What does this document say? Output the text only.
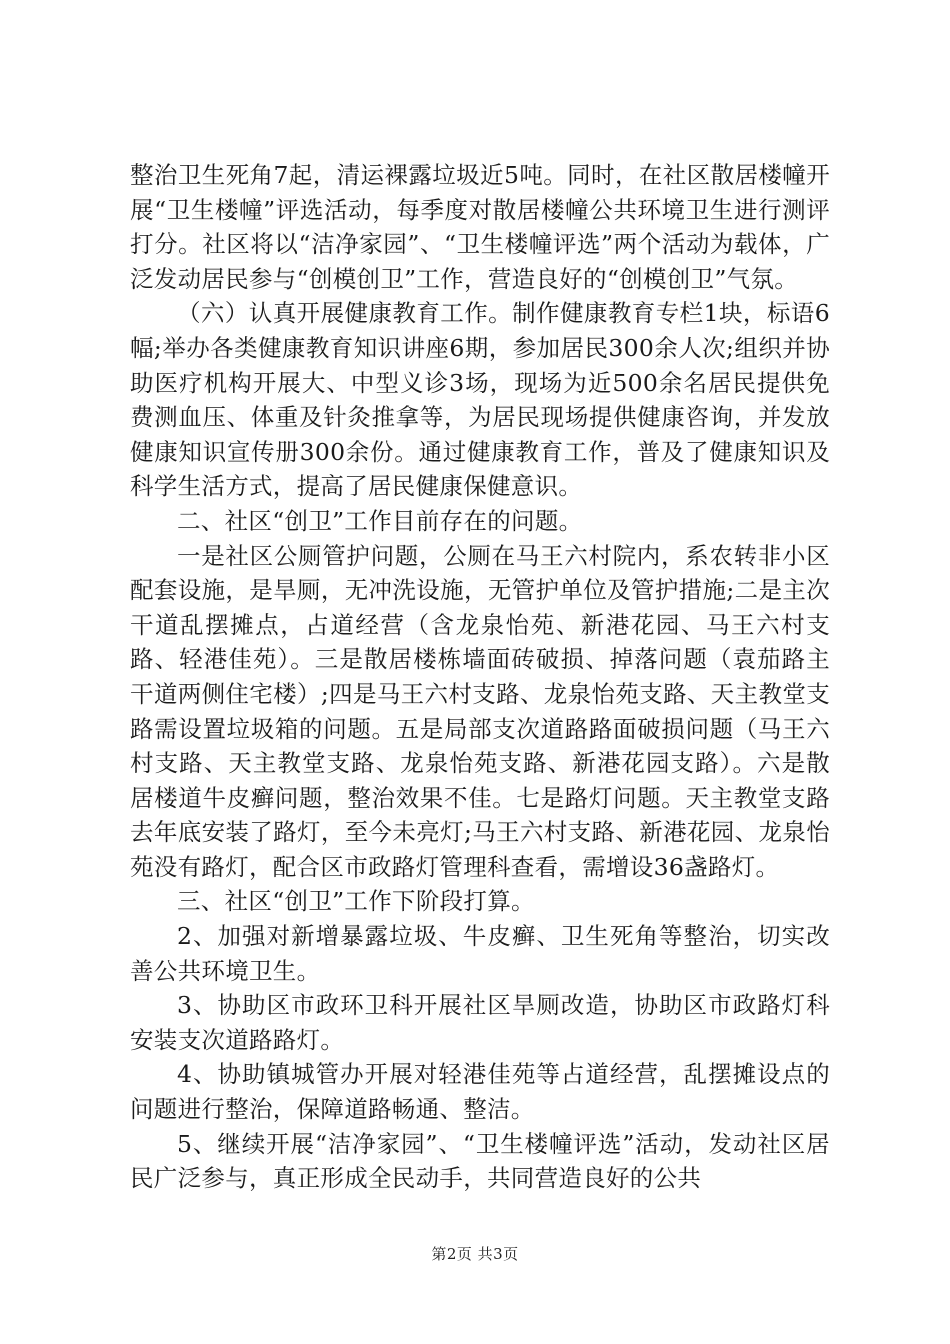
整治卫生死角7起，清运裸露垃圾近5吨。同时，在社区散居楼幢开展“卫生楼幢”评选活动，每季度对散居楼幢公共环境卫生进行测评打分。社区将以“洁净家园”、“卫生楼幢评选”两个活动为载体，广泛发动居民参与“创模创卫”工作，营造良好的“创模创卫”气氛。

（六）认真开展健康教育工作。制作健康教育专栏1块，标语6幅;举办各类健康教育知识讲座6期，参加居民300余人次;组织并协助医疗机构开展大、中型义诊3场，现场为近500余名居民提供免费测血压、体重及针灸推拿等，为居民现场提供健康咨询，并发放健康知识宣传册300余份。通过健康教育工作，普及了健康知识及科学生活方式，提高了居民健康保健意识。

二、社区“创卫”工作目前存在的问题。

一是社区公厕管护问题，公厕在马王六村院内，系农转非小区配套设施，是旱厕，无冲洗设施，无管护单位及管护措施;二是主次干道乱摆摊点，占道经营（含龙泉怡苑、新港花园、马王六村支路、轻港佳苑）。三是散居楼栋墙面砖破损、掉落问题（袁茄路主干道两侧住宅楼）;四是马王六村支路、龙泉怡苑支路、天主教堂支路需设置垃圾箱的问题。五是局部支次道路路面破损问题（马王六村支路、天主教堂支路、龙泉怡苑支路、新港花园支路）。六是散居楼道牛皮癣问题，整治效果不佳。七是路灯问题。天主教堂支路去年底安装了路灯，至今未亮灯;马王六村支路、新港花园、龙泉怡苑没有路灯，配合区市政路灯管理科查看，需增设36盏路灯。

三、社区“创卫”工作下阶段打算。

2、加强对新增暴露垃圾、牛皮癣、卫生死角等整治，切实改善公共环境卫生。

3、协助区市政环卫科开展社区旱厕改造，协助区市政路灯科安装支次道路路灯。

4、协助镇城管办开展对轻港佳苑等占道经营，乱摆摊设点的问题进行整治，保障道路畅通、整洁。

5、继续开展“洁净家园”、“卫生楼幢评选”活动，发动社区居民广泛参与，真正形成全民动手，共同营造良好的公共

第2页 共3页
